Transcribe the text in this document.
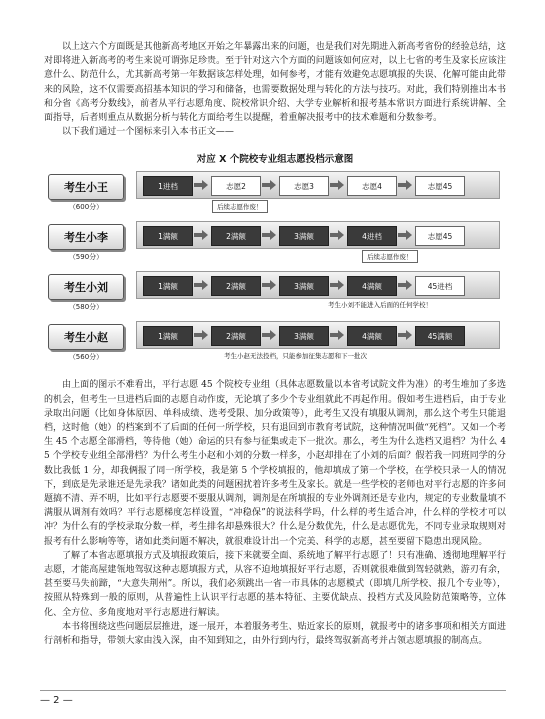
以上这六个方面既是其他新高考地区开始之年暴露出来的问题，也是我们对先期进入新高考省份的经验总结，这对即将进入新高考的考生来说可谓弥足珍贵。至于针对这六个方面的问题该如何应对，以上七省的考生及家长应该注意什么、防范什么，尤其新高考第一年数据该怎样处理，如何参考，才能有效避免志愿填报的失误、化解可能由此带来的风险，这不仅需要高招基本知识的学习和储备，也需要数据处理与转化的方法与技巧。对此，我们特别推出本书和分省《高考分数线》，前者从平行志愿角度、院校常识介绍、大学专业解析和报考基本常识方面进行系统讲解、全面指导，后者则重点从数据分析与转化方面给考生以提醒，着重解决报考中的技术难题和分数参考。

以下我们通过一个图标来引入本书正文——

对应 X 个院校专业组志愿投档示意图
考生小王
（600分）
1进档	志愿2	志愿3	志愿4	志愿45
后续志愿作废！
考生小李
（590分）
1满额	2满额	3满额	4进档	志愿45
后续志愿作废！
考生小刘
（580分）
1满额	2满额	3满额	4满额	45进档
考生小刘不能进入后面的任何学校！
考生小赵
（560分）
1满额	2满额	3满额	4满额	45满额
考生小赵无法投档，只能参加征集志愿和下一批次

由上面的图示不难看出，平行志愿 45 个院校专业组（具体志愿数量以本省考试院文件为准）的考生堆加了多选的机会，但考生一旦进档后面的志愿自动作废，无论填了多少个专业组就此不再起作用。假如考生进档后，由于专业录取出问题（比如身体原因、单科成绩、选考受限、加分政策等），此考生又没有填服从调剂，那么这个考生只能退档，这时他（她）的档案到不了后面的任何一所学校，只有退回到市教育考试院，这种情况叫做“死档”。又如一个考生 45 个志愿全部滑档，等待他（她）命运的只有参与征集或走下一批次。那么，考生为什么选档又退档？为什么 45 个学校专业组全部滑档？为什么考生小赵和小刘的分数一样多，小赵却排在了小刘的后面？假若我一同班同学的分数比我低 1 分，却我俩报了同一所学校，我是第 5 个学校填报的，他却填成了第一个学校，在学校只录一人的情况下，到底是先录谁还是先录我？诸如此类的问题困扰着许多考生及家长。就是一些学校的老师也对平行志愿的许多问题搞不清、弄不明，比如平行志愿要不要服从调剂，调剂是在所填报的专业外调剂还是专业内，规定的专业数量填不满服从调剂有效吗？平行志愿梯度怎样设置，“冲稳保”的说法科学吗，什么样的考生适合冲，什么样的学校才可以冲？为什么有的学校录取分数一样，考生排名却悬殊很大？什么是分数优先，什么是志愿优先，不同专业录取规则对报考有什么影响等等，诸如此类问题不解决，就很难设计出一个完美、科学的志愿，甚至要留下隐患出现风险。

了解了本省志愿填报方式及填报政策后，接下来就要全面、系统地了解平行志愿了！只有准确、透彻地理解平行志愿，才能高屋建瓴地驾驭这种志愿填报方式，从容不迫地填报好平行志愿，否则就很难做到驾轻就熟，游刃有余，甚至要马失前蹄，“大意失荆州”。所以，我们必须跳出一省一市具体的志愿模式（即填几所学校、报几个专业等），按照从特殊到一般的原则，从普遍性上认识平行志愿的基本特征、主要优缺点、投档方式及风险防范策略等，立体化、全方位、多角度地对平行志愿进行解读。

本书将围绕这些问题层层推进，逐一展开，本着服务考生、贴近家长的原则，就报考中的诸多事项和相关方面进行剖析和指导，带领大家由浅入深，由不知到知之，由外行到内行，最终驾驭新高考并占领志愿填报的制高点。

— 2 —
